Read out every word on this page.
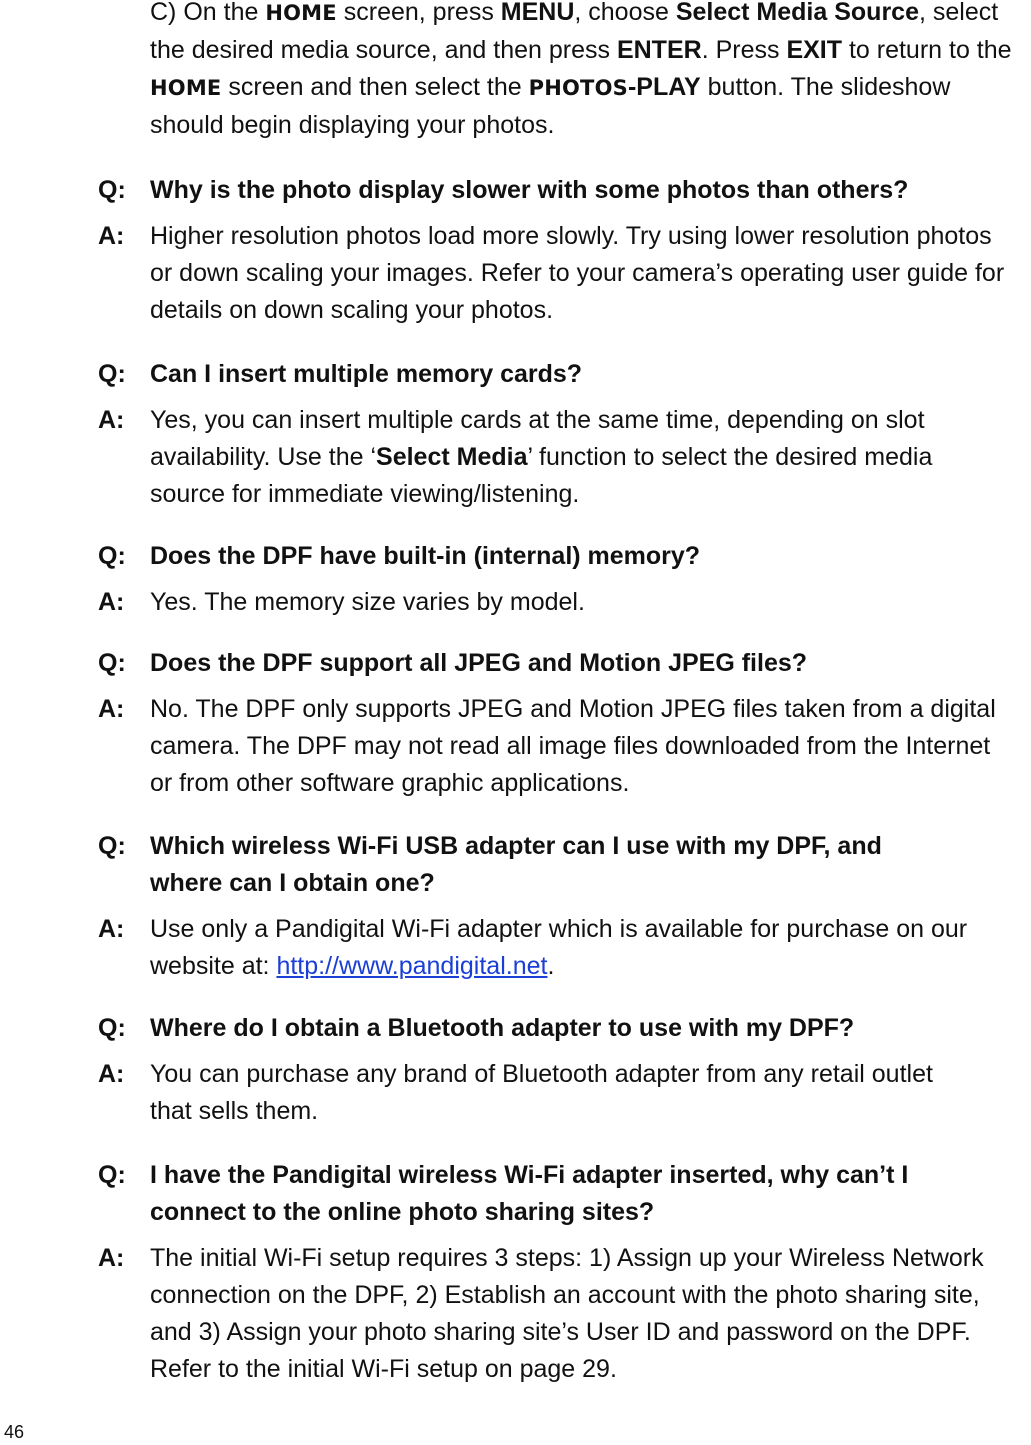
C) On the HOME screen, press MENU, choose Select Media Source, select the desired media source, and then press ENTER. Press EXIT to return to the HOME screen and then select the PHOTOS-PLAY button. The slideshow should begin displaying your photos.
Q: Why is the photo display slower with some photos than others?
A: Higher resolution photos load more slowly. Try using lower resolution photos or down scaling your images. Refer to your camera’s operating user guide for details on down scaling your photos.
Q: Can I insert multiple memory cards?
A: Yes, you can insert multiple cards at the same time, depending on slot availability. Use the ‘Select Media’ function to select the desired media source for immediate viewing/listening.
Q: Does the DPF have built-in (internal) memory?
A: Yes. The memory size varies by model.
Q: Does the DPF support all JPEG and Motion JPEG files?
A: No. The DPF only supports JPEG and Motion JPEG files taken from a digital camera. The DPF may not read all image files downloaded from the Internet or from other software graphic applications.
Q: Which wireless Wi-Fi USB adapter can I use with my DPF, and where can I obtain one?
A: Use only a Pandigital Wi-Fi adapter which is available for purchase on our website at: http://www.pandigital.net.
Q: Where do I obtain a Bluetooth adapter to use with my DPF?
A: You can purchase any brand of Bluetooth adapter from any retail outlet that sells them.
Q: I have the Pandigital wireless Wi-Fi adapter inserted, why can’t I connect to the online photo sharing sites?
A: The initial Wi-Fi setup requires 3 steps: 1) Assign up your Wireless Network connection on the DPF, 2) Establish an account with the photo sharing site, and 3) Assign your photo sharing site’s User ID and password on the DPF. Refer to the initial Wi-Fi setup on page 29.
46
